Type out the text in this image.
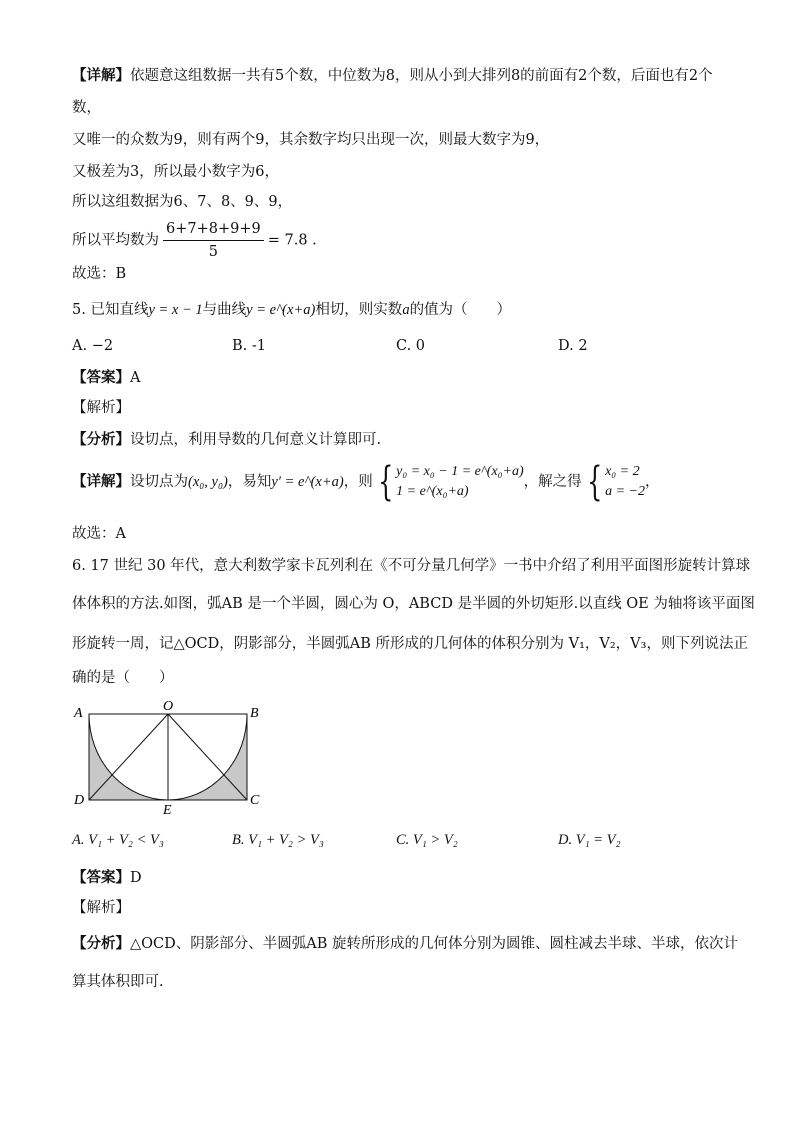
【详解】依题意这组数据一共有5个数，中位数为8，则从小到大排列8的前面有2个数，后面也有2个
数，
又唯一的众数为9，则有两个9，其余数字均只出现一次，则最大数字为9，
又极差为3，所以最小数字为6，
所以这组数据为6、7、8、9、9，
所以平均数为 $\frac{6+7+8+9+9}{5} = 7.8$ .
故选：B
5. 已知直线y = x − 1与曲线y = e^(x+a)相切，则实数a的值为（　　）
A. −2	B. -1	C. 0	D. 2
【答案】A
【解析】
【分析】设切点，利用导数的几何意义计算即可.
【详解】设切点为(x₀, y₀)，易知y′ = e^(x+a)，则 { y₀ = x₀ − 1 = e^(x₀+a)
1 = e^(x₀+a)
，解之得 { x₀ = 2
a = −2
，
故选：A
6. 17 世纪 30 年代，意大利数学家卡瓦列利在《不可分量几何学》一书中介绍了利用平面图形旋转计算球
体体积的方法.如图，弧AB 是一个半圆，圆心为 O，ABCD 是半圆的外切矩形.以直线 OE 为轴将该平面图
形旋转一周，记△OCD，阴影部分，半圆弧AB 所形成的几何体的体积分别为 V₁，V₂，V₃，则下列说法正
确的是（　　）
A	O	B
D
E
C
A. V₁ + V₂ < V₃	B. V₁ + V₂ > V₃	C. V₁ > V₂	D. V₁ = V₂
【答案】D
【解析】
【分析】△OCD、阴影部分、半圆弧AB 旋转所形成的几何体分别为圆锥、圆柱减去半球、半球，依次计
算其体积即可.
